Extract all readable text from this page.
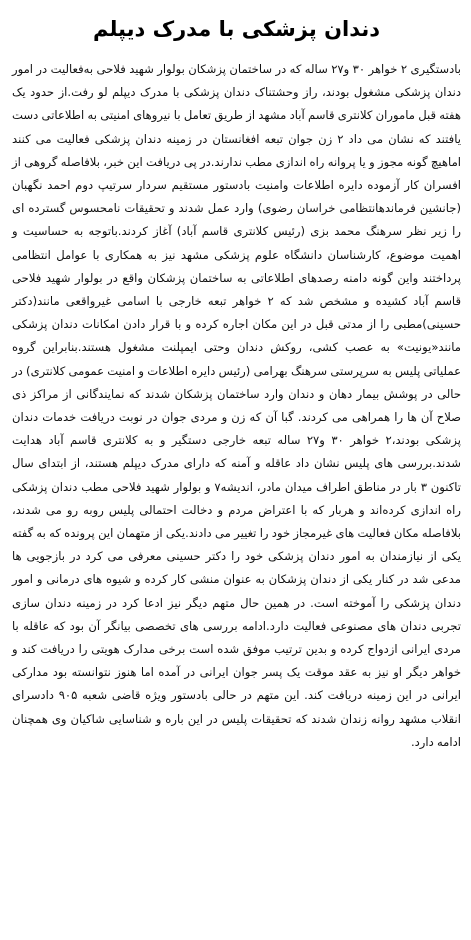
دندان پزشکی با مدرک دیپلم

بادستگیری ۲ خواهر ۳۰ و۲۷ ساله که در ساختمان پزشکان بولوار شهید فلاحی به‌فعالیت در امور دندان پزشکی مشغول بودند، راز وحشتناک دندان پزشکی با مدرک دیپلم لو رفت.از حدود یک هفته قبل ماموران کلانتری قاسم آباد مشهد از طریق تعامل با نیروهای امنیتی به اطلاعاتی دست یافتند که نشان می داد ۲ زن جوان تبعه افغانستان در زمینه دندان پزشکی فعالیت می کنند اماهیچ گونه مجوز و یا پروانه راه اندازی مطب ندارند.در پی دریافت این خبر، بلافاصله گروهی از افسران کار آزموده دایره اطلاعات وامنیت بادستور مستقیم سردار سرتیپ دوم احمد نگهبان (جانشین فرماندهانتظامی خراسان رضوی) وارد عمل شدند و تحقیقات نامحسوس گسترده ای را زیر نظر سرهنگ محمد بزی (رئیس کلانتری قاسم آباد) آغاز کردند.باتوجه به حساسیت و اهمیت موضوع، کارشناسان دانشگاه علوم پزشکی مشهد نیز به همکاری با عوامل انتظامی پرداختند واین گونه دامنه رصدهای اطلاعاتی به ساختمان پزشکان واقع در بولوار شهید فلاحی قاسم آباد کشیده و مشخص شد که ۲ خواهر تبعه خارجی با اسامی غیرواقعی مانند(دکتر حسینی)مطبی را از مدتی قبل در این مکان اجاره کرده و با قرار دادن امکانات دندان پزشکی مانند«یونیت» به عصب کشی، روکش دندان وحتی ایمپلنت مشغول هستند.بنابراین گروه عملیاتی پلیس به سرپرستی سرهنگ بهرامی (رئیس دایره اطلاعات و امنیت عمومی کلانتری) در حالی در پوشش بیمار دهان و دندان وارد ساختمان پزشکان شدند که نمایندگانی از مراکز ذی صلاح آن ها را همراهی می کردند. گبا آن که زن و مردی جوان در نوبت دریافت خدمات دندان پزشکی بودند،۲ خواهر ۳۰ و۲۷ ساله تبعه خارجی دستگیر و به کلانتری قاسم آباد هدایت شدند.بررسی های پلیس نشان داد عاقله و آمنه که دارای مدرک دیپلم هستند، از ابتدای سال تاکنون ۳ بار در مناطق اطراف میدان مادر، اندیشه۷ و بولوار شهید فلاحی مطب دندان پزشکی راه اندازی کرده‌اند و هربار که با اعتراض مردم و دخالت احتمالی پلیس روبه رو می شدند، بلافاصله مکان فعالیت های غیرمجاز خود را تغییر می دادند.یکی از متهمان این پرونده که به گفته یکی از نیازمندان به امور دندان پزشکی خود را دکتر حسینی معرفی می کرد در بازجویی ها مدعی شد در کنار یکی از دندان پزشکان به عنوان منشی کار کرده و شیوه های درمانی و امور دندان پزشکی را آموخته است. در همین حال متهم دیگر نیز ادعا کرد در زمینه دندان سازی تجربی دندان های مصنوعی فعالیت دارد.ادامه بررسی های تخصصی بیانگر آن بود که عاقله با مردی ایرانی ازدواج کرده و بدین ترتیب موفق شده است برخی مدارک هویتی را دریافت کند و خواهر دیگر او نیز به عقد موقت یک پسر جوان ایرانی در آمده اما هنوز نتوانسته بود مدارکی ایرانی در این زمینه دریافت کند. این متهم در حالی بادستور ویژه قاضی شعبه ۹۰۵ دادسرای انقلاب مشهد روانه زندان شدند که تحقیقات پلیس در این باره و شناسایی شاکیان وی همچنان ادامه دارد.
